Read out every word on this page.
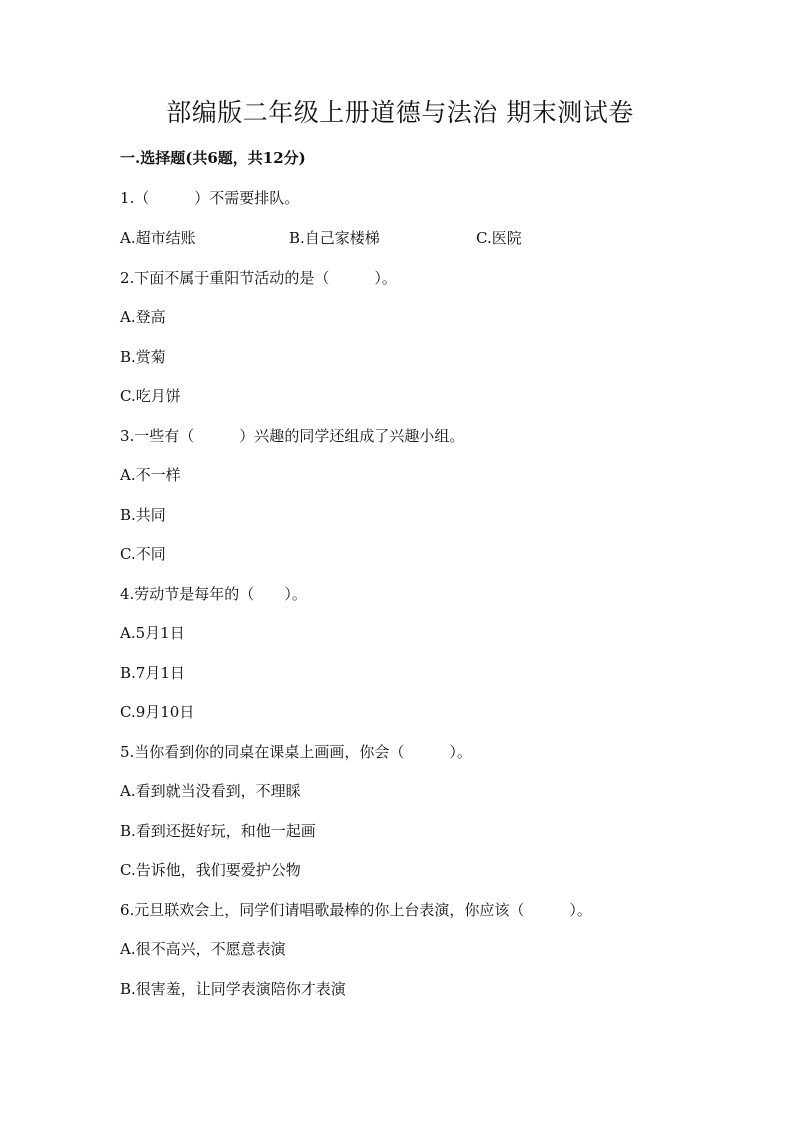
部编版二年级上册道德与法治 期末测试卷
一.选择题(共6题，共12分)
1.（　　　）不需要排队。
A.超市结账	B.自己家楼梯	C.医院
2.下面不属于重阳节活动的是（　　　）。
A.登高
B.赏菊
C.吃月饼
3.一些有（　　　）兴趣的同学还组成了兴趣小组。
A.不一样
B.共同
C.不同
4.劳动节是每年的（　　）。
A.5月1日
B.7月1日
C.9月10日
5.当你看到你的同桌在课桌上画画，你会（　　　）。
A.看到就当没看到，不理睬
B.看到还挺好玩，和他一起画
C.告诉他，我们要爱护公物
6.元旦联欢会上，同学们请唱歌最棒的你上台表演，你应该（　　　）。
A.很不高兴，不愿意表演
B.很害羞，让同学表演陪你才表演
